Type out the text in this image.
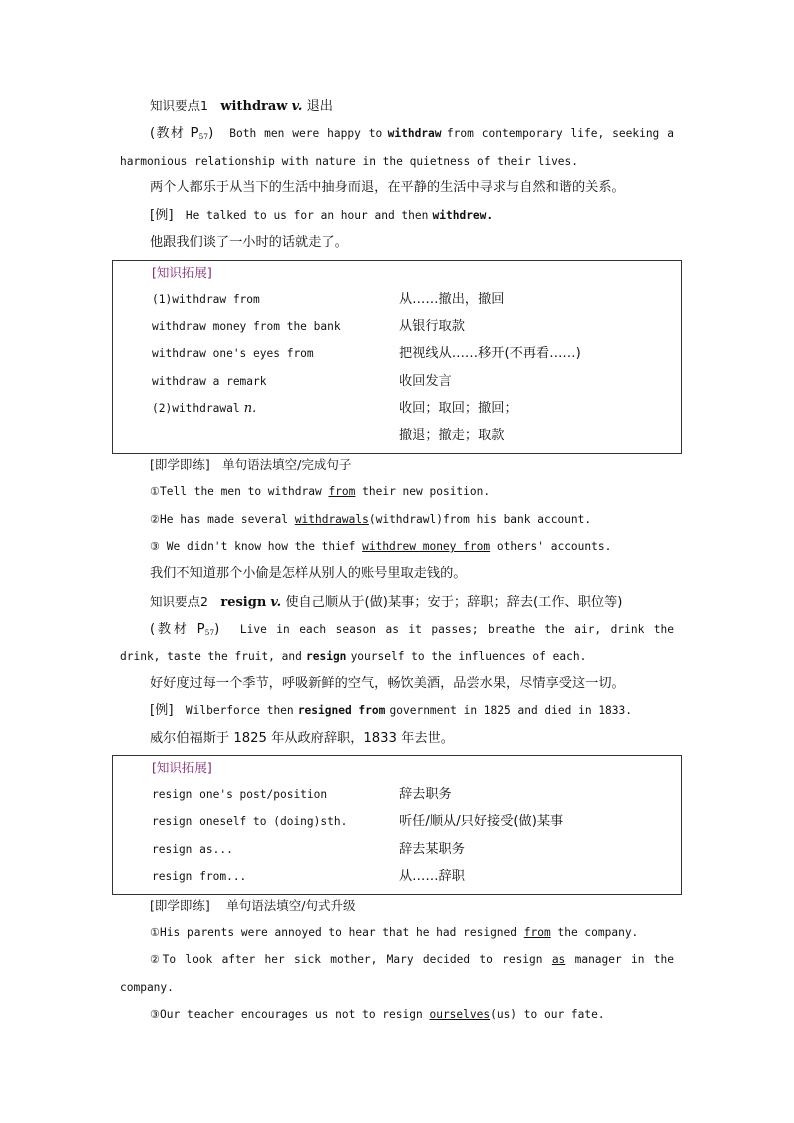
知识要点1 withdraw v. 退出
(教材 $P_{57}$) Both men were happy to withdraw from contemporary life, seeking a
harmonious relationship with nature in the quietness of their lives.
两个人都乐于从当下的生活中抽身而退，在平静的生活中寻求与自然和谐的关系。
[例] He talked to us for an hour and then withdrew.
他跟我们谈了一小时的话就走了。
[知识拓展]
(1)withdraw from	从……撤出，撤回
withdraw money from the bank	从银行取款
withdraw one's eyes from	把视线从……移开(不再看……)
withdraw a remark	收回发言
(2)withdrawal n.	收回；取回；撤回；
撤退；撤走；取款
[即学即练] 单句语法填空/完成句子
①Tell the men to withdraw from their new position.
②He has made several withdrawals(withdrawl)from his bank account.
③ We didn't know how the thief withdrew money from others' accounts.
我们不知道那个小偷是怎样从别人的账号里取走钱的。
知识要点2 resign v. 使自己顺从于(做)某事；安于；辞职；辞去(工作、职位等)
(教材 $P_{57}$) Live in each season as it passes; breathe the air, drink the
drink, taste the fruit, and resign yourself to the influences of each.
好好度过每一个季节，呼吸新鲜的空气，畅饮美酒，品尝水果，尽情享受这一切。
[例] Wilberforce then resigned from government in 1825 and died in 1833.
威尔伯福斯于 1825 年从政府辞职，1833 年去世。
[知识拓展]
resign one's post/position	辞去职务
resign oneself to (doing)sth.	听任/顺从/只好接受(做)某事
resign as...	辞去某职务
resign from...	从……辞职
[即学即练] 单句语法填空/句式升级
①His parents were annoyed to hear that he had resigned from the company.
②To look after her sick mother, Mary decided to resign as manager in the
company.
③Our teacher encourages us not to resign ourselves(us) to our fate.
